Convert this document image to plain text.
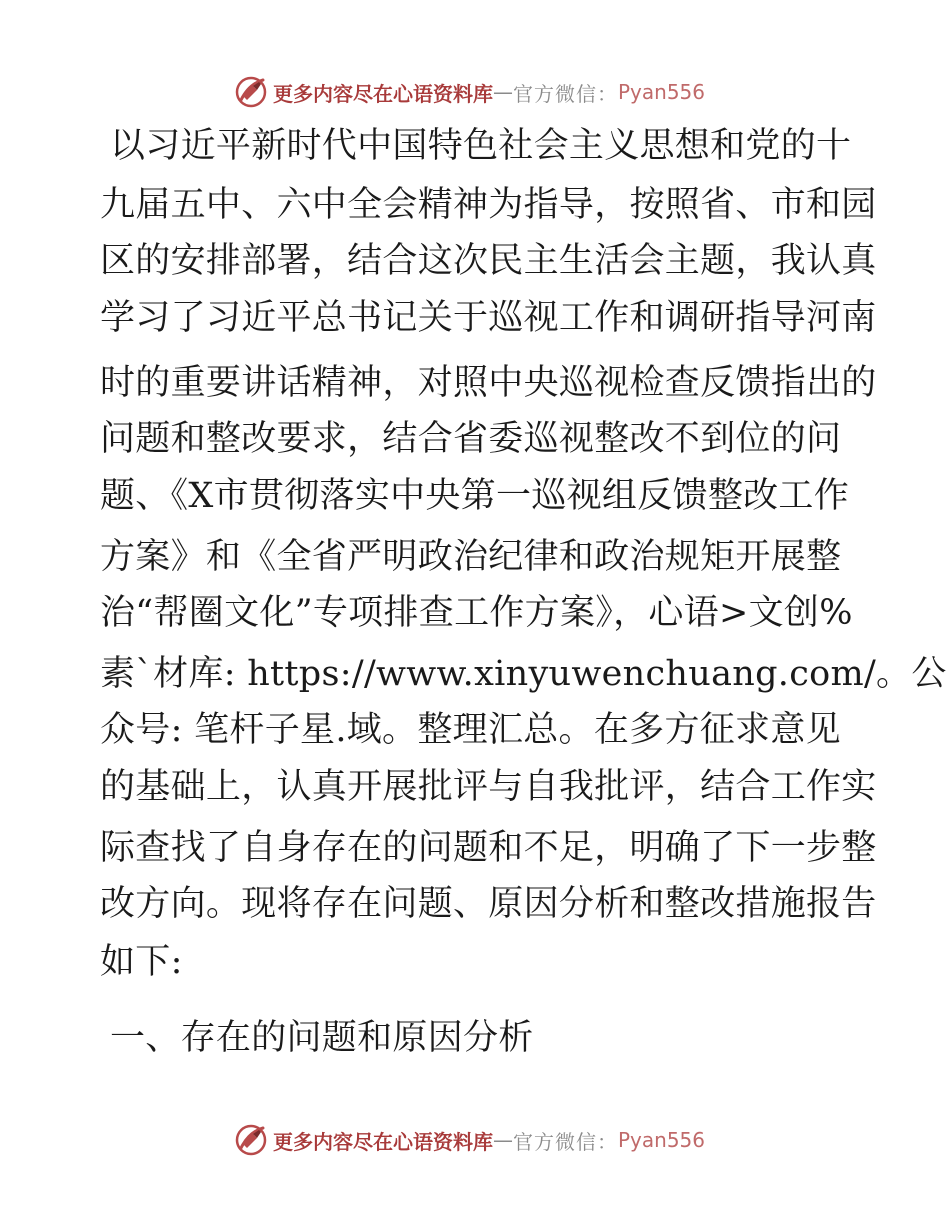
更多内容尽在心语资料库 — 官方微信： Pyan556
以习近平新时代中国特色社会主义思想和党的十
九届五中、六中全会精神为指导，按照省、市和园
区的安排部署，结合这次民主生活会主题，我认真
学习了习近平总书记关于巡视工作和调研指导河南
时的重要讲话精神，对照中央巡视检查反馈指出的
问题和整改要求，结合省委巡视整改不到位的问
题、《X市贯彻落实中央第一巡视组反馈整改工作
方案》和《全省严明政治纪律和政治规矩开展整
治“帮圈文化”专项排查工作方案》，心语>文创%
素`材库: https://www.xinyuwenchuang.com/。公
众号: 笔杆子星.域。整理汇总。在多方征求意见
的基础上，认真开展批评与自我批评，结合工作实
际查找了自身存在的问题和不足，明确了下一步整
改方向。现将存在问题、原因分析和整改措施报告
如下:
一、存在的问题和原因分析
更多内容尽在心语资料库 — 官方微信： Pyan556
